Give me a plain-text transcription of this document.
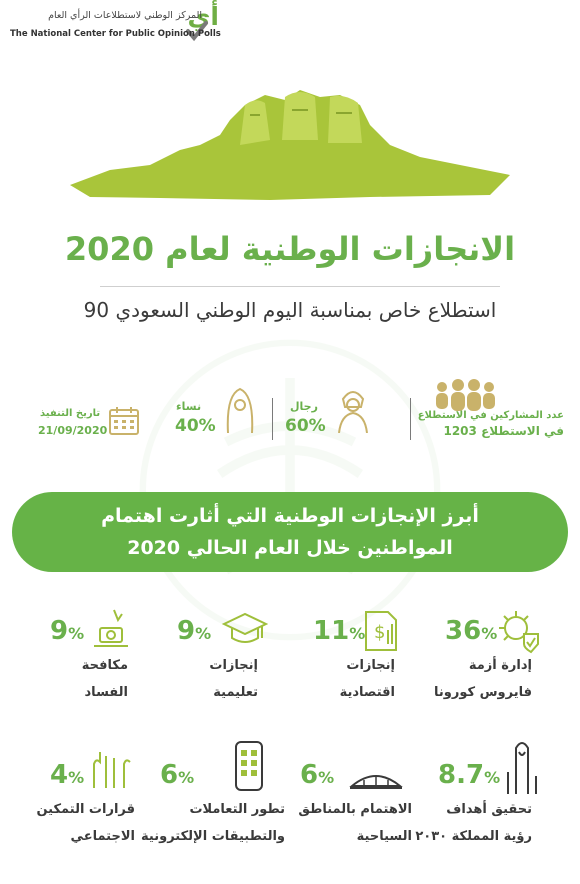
أي
المركز الوطني لاستطلاعات الرأي العام
The National Center for Public Opinion Polls
الانجازات الوطنية لعام 2020
استطلاع خاص بمناسبة اليوم الوطني السعودي 90
عدد المشاركين في الاستطلاع
في الاستطلاع 1203
رجال
60%
نساء
40%
تاريخ التنفيذ
21/09/2020
أبرز الإنجازات الوطنية التي أثارت اهتمام
المواطنين خلال العام الحالي 2020
36%
إدارة أزمة
فايروس كورونا
$
11%
إنجازات
اقتصادية
9%
إنجازات
تعليمية
9%
مكافحة
الفساد
8.7%
تحقيق أهداف
رؤية المملكة ٢٠٣٠
6%
الاهتمام بالمناطق
السياحية
6%
تطور التعاملات
والتطبيقات الإلكترونية
4%
قرارات التمكين
الاجتماعي
